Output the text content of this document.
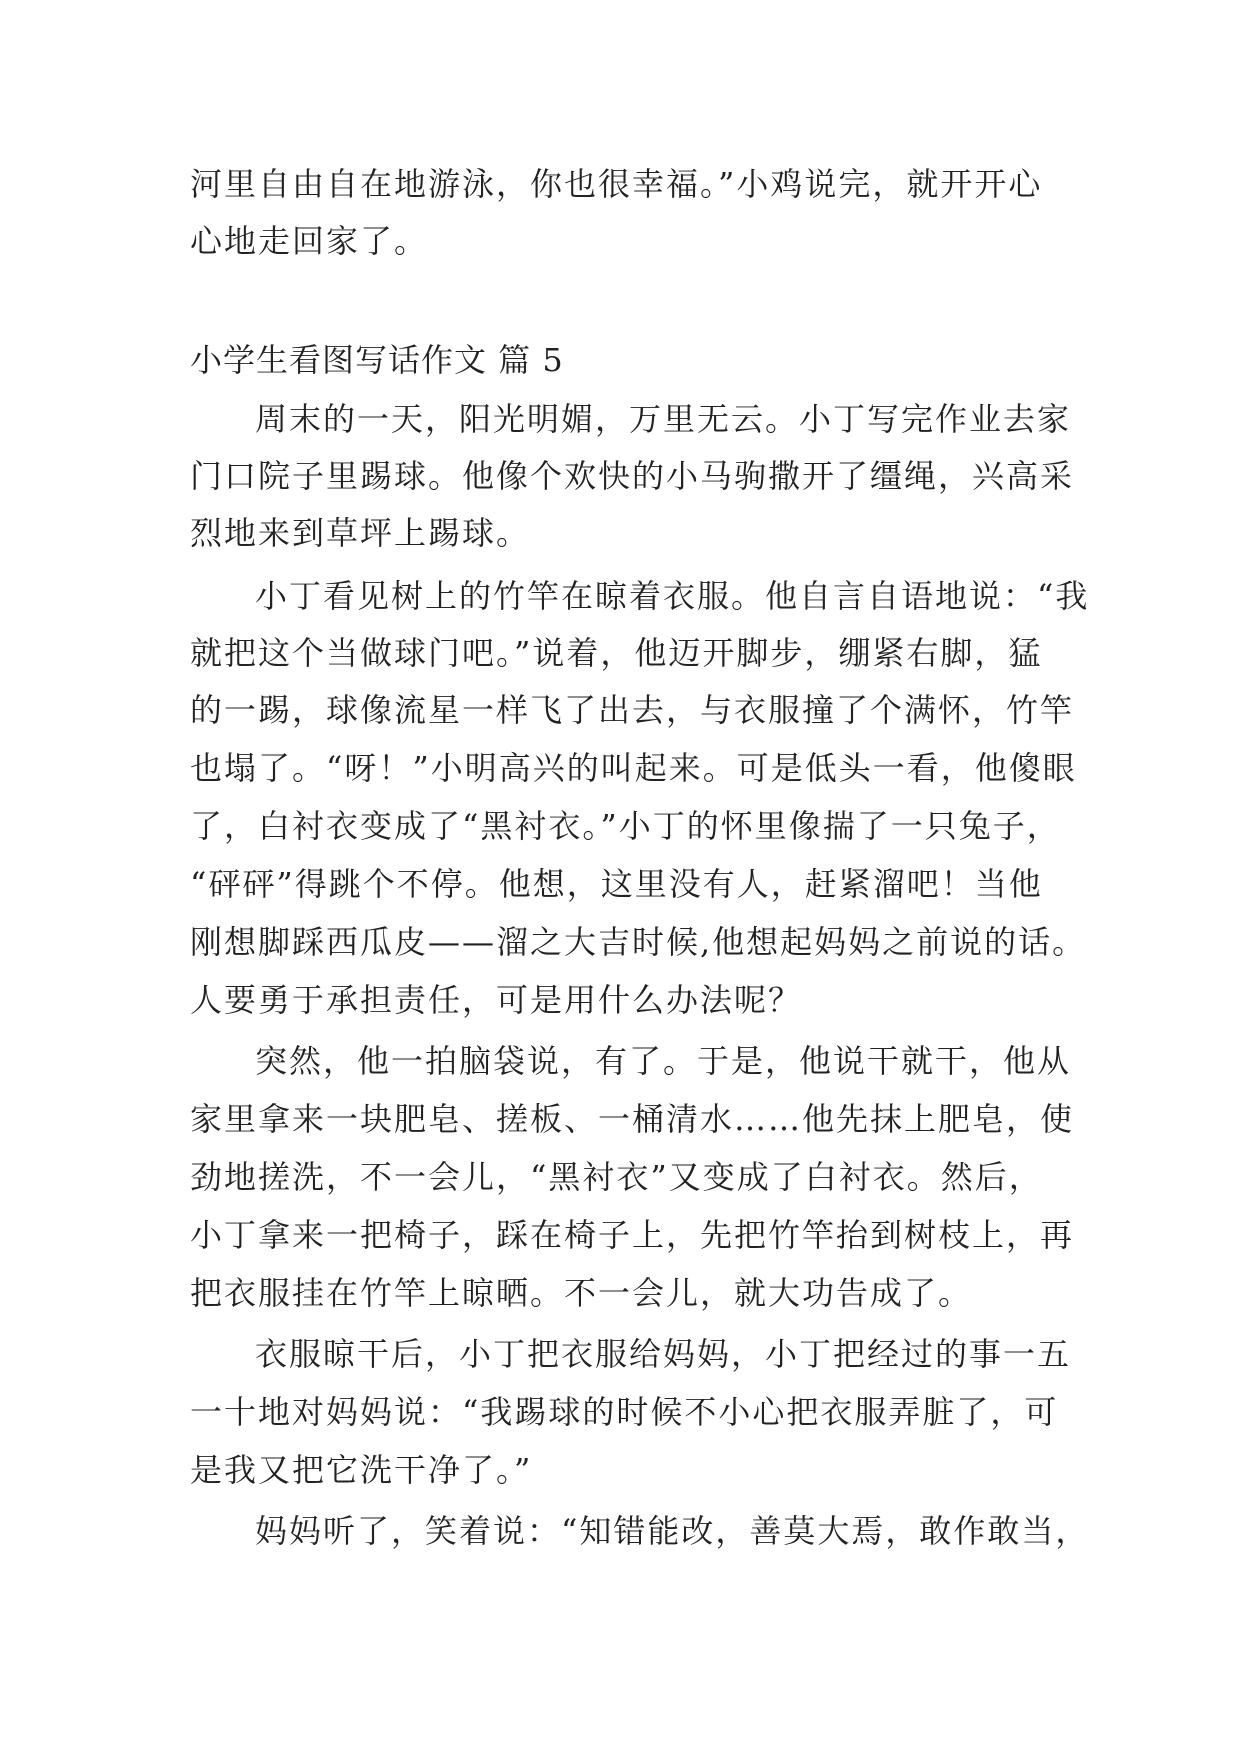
河里自由自在地游泳，你也很幸福。”小鸡说完，就开开心
心地走回家了。
小学生看图写话作文 篇 5
周末的一天，阳光明媚，万里无云。小丁写完作业去家
门口院子里踢球。他像个欢快的小马驹撒开了缰绳，兴高采
烈地来到草坪上踢球。
小丁看见树上的竹竿在晾着衣服。他自言自语地说：“我
就把这个当做球门吧。”说着，他迈开脚步，绷紧右脚，猛
的一踢，球像流星一样飞了出去，与衣服撞了个满怀，竹竿
也塌了。“呀！”小明高兴的叫起来。可是低头一看，他傻眼
了，白衬衣变成了“黑衬衣。”小丁的怀里像揣了一只兔子，
“砰砰”得跳个不停。他想，这里没有人，赶紧溜吧！当他
刚想脚踩西瓜皮——溜之大吉时候,他想起妈妈之前说的话。
人要勇于承担责任，可是用什么办法呢？
突然，他一拍脑袋说，有了。于是，他说干就干，他从
家里拿来一块肥皂、搓板、一桶清水……他先抹上肥皂，使
劲地搓洗，不一会儿，“黑衬衣”又变成了白衬衣。然后，
小丁拿来一把椅子，踩在椅子上，先把竹竿抬到树枝上，再
把衣服挂在竹竿上晾晒。不一会儿，就大功告成了。
衣服晾干后，小丁把衣服给妈妈，小丁把经过的事一五
一十地对妈妈说：“我踢球的时候不小心把衣服弄脏了，可
是我又把它洗干净了。”
妈妈听了，笑着说：“知错能改，善莫大焉，敢作敢当，
